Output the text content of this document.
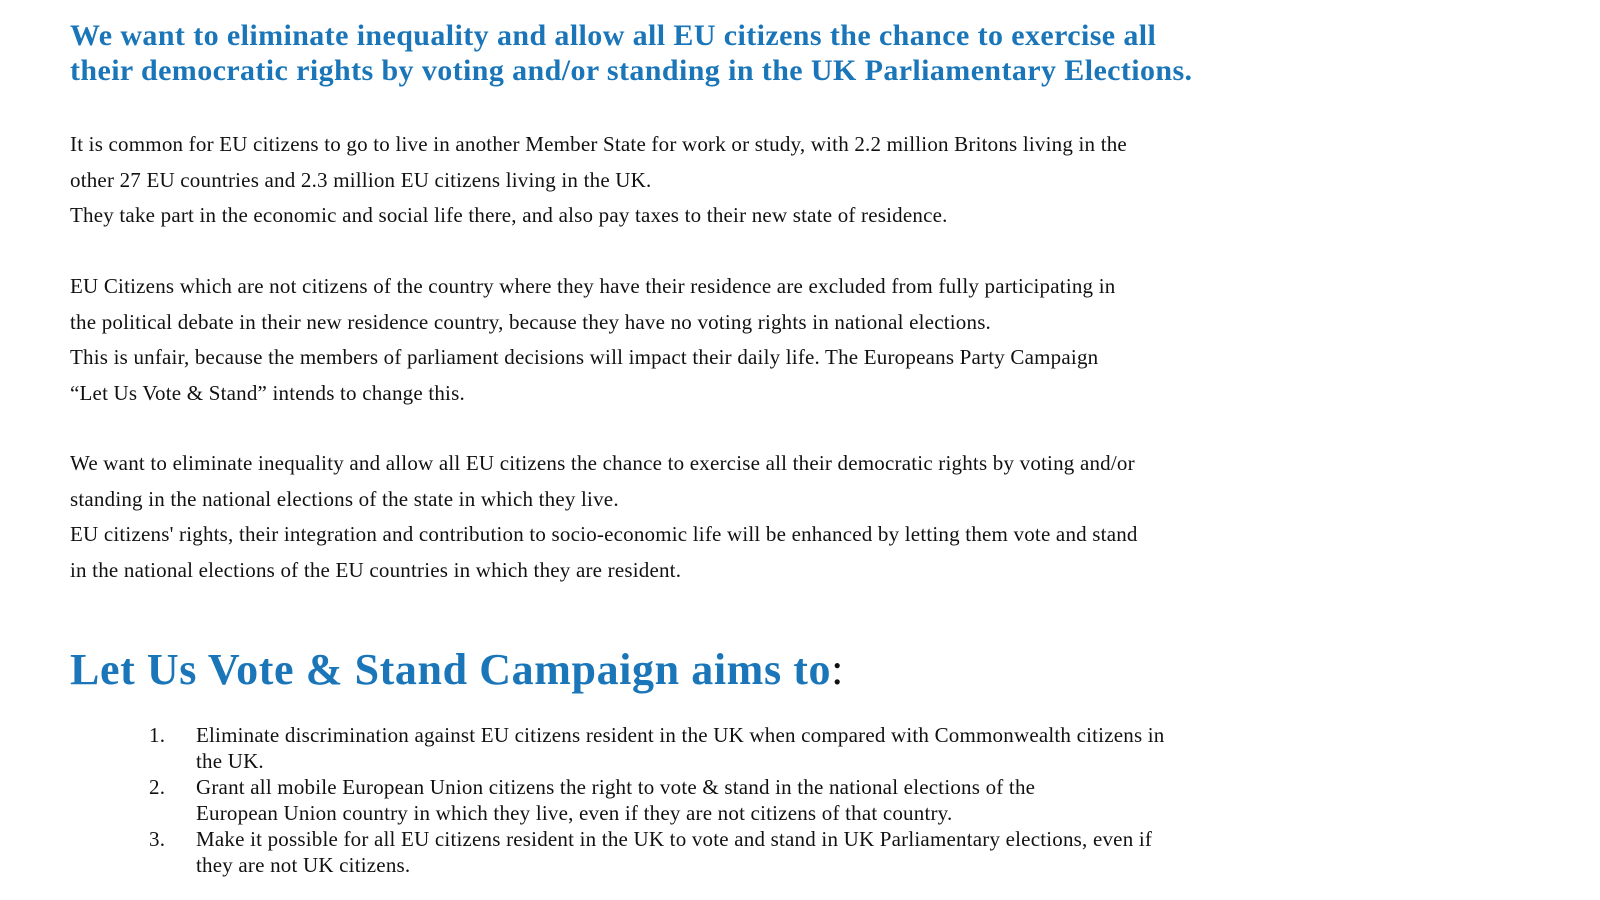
We want to eliminate inequality and allow all EU citizens the chance to exercise all
their democratic rights by voting and/or standing in the UK Parliamentary Elections.

It is common for EU citizens to go to live in another Member State for work or study, with 2.2 million Britons living in the
other 27 EU countries and 2.3 million EU citizens living in the UK.
They take part in the economic and social life there, and also pay taxes to their new state of residence.

EU Citizens which are not citizens of the country where they have their residence are excluded from fully participating in
the political debate in their new residence country, because they have no voting rights in national elections.
This is unfair, because the members of parliament decisions will impact their daily life. The Europeans Party Campaign
“Let Us Vote & Stand” intends to change this.

We want to eliminate inequality and allow all EU citizens the chance to exercise all their democratic rights by voting and/or
standing in the national elections of the state in which they live.
EU citizens' rights, their integration and contribution to socio-economic life will be enhanced by letting them vote and stand
in the national elections of the EU countries in which they are resident.

Let Us Vote & Stand Campaign aims to:
1.	Eliminate discrimination against EU citizens resident in the UK when compared with Commonwealth citizens in
the UK.
2.	Grant all mobile European Union citizens the right to vote & stand in the national elections of the
European Union country in which they live, even if they are not citizens of that country.
3.	Make it possible for all EU citizens resident in the UK to vote and stand in UK Parliamentary elections, even if
they are not UK citizens.
